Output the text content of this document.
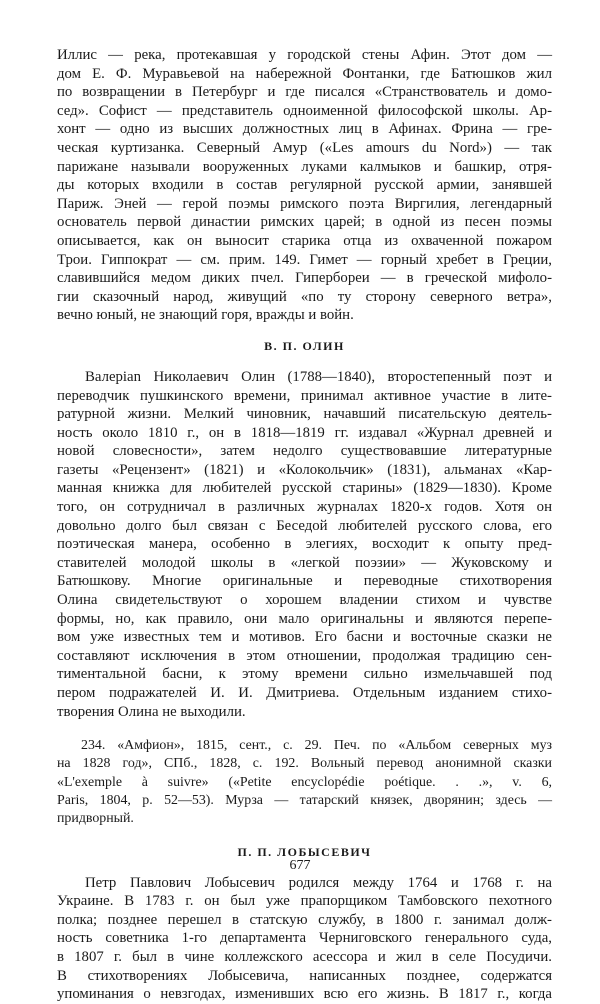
Иллис — река, протекавшая у городской стены Афин. Этот дом —
дом Е. Ф. Муравьевой на набережной Фонтанки, где Батюшков жил
по возвращении в Петербург и где писался «Странствователь и домо-
сед». Софист — представитель одноименной философской школы. Ар-
хонт — одно из высших должностных лиц в Афинах. Фрина — гре-
ческая куртизанка. Северный Амур («Les amours du Nord») — так
парижане называли вооруженных луками калмыков и башкир, отря-
ды которых входили в состав регулярной русской армии, занявшей
Париж. Эней — герой поэмы римского поэта Виргилия, легендарный
основатель первой династии римских царей; в одной из песен поэмы
описывается, как он выносит старика отца из охваченной пожаром
Трои. Гиппократ — см. прим. 149. Гимет — горный хребет в Греции,
славившийся медом диких пчел. Гипербореи — в греческой мифоло-
гии сказочный народ, живущий «по ту сторону северного ветра»,
вечно юный, не знающий горя, вражды и войн.
В. П. ОЛИН
Валерian Николаевич Олин (1788—1840), второстепенный поэт и
переводчик пушкинского времени, принимал активное участие в лите-
ратурной жизни. Мелкий чиновник, начавший писательскую деятель-
ность около 1810 г., он в 1818—1819 гг. издавал «Журнал древней и
новой словесности», затем недолго существовавшие литературные
газеты «Рецензент» (1821) и «Колокольчик» (1831), альманах «Кар-
манная книжка для любителей русской старины» (1829—1830). Кроме
того, он сотрудничал в различных журналах 1820-х годов. Хотя он
довольно долго был связан с Беседой любителей русского слова, его
поэтическая манера, особенно в элегиях, восходит к опыту пред-
ставителей молодой школы в «легкой поэзии» — Жуковскому и
Батюшкову. Многие оригинальные и переводные стихотворения
Олина свидетельствуют о хорошем владении стихом и чувстве
формы, но, как правило, они мало оригинальны и являются перепе-
вом уже известных тем и мотивов. Его басни и восточные сказки не
составляют исключения в этом отношении, продолжая традицию сен-
тиментальной басни, к этому времени сильно измельчавшей под
пером подражателей И. И. Дмитриева. Отдельным изданием стихо-
творения Олина не выходили.
234. «Амфион», 1815, сент., с. 29. Печ. по «Альбом северных муз
на 1828 год», СПб., 1828, с. 192. Вольный перевод анонимной сказки
«L'exemple à suivre» («Petite encyclopédie poétique. . .», v. 6,
Paris, 1804, p. 52—53). Мурза — татарский князек, дворянин; здесь —
придворный.
П. П. ЛОБЫСЕВИЧ
Петр Павлович Лобысевич родился между 1764 и 1768 г. на
Украине. В 1783 г. он был уже прапорщиком Тамбовского пехотного
полка; позднее перешел в статскую службу, в 1800 г. занимал долж-
ность советника 1-го департамента Черниговского генерального суда,
в 1807 г. был в чине коллежского асессора и жил в селе Посудичи.
В стихотворениях Лобысевича, написанных позднее, содержатся
упоминания о невзгодах, изменивших всю его жизнь. В 1817 г., когда
677
